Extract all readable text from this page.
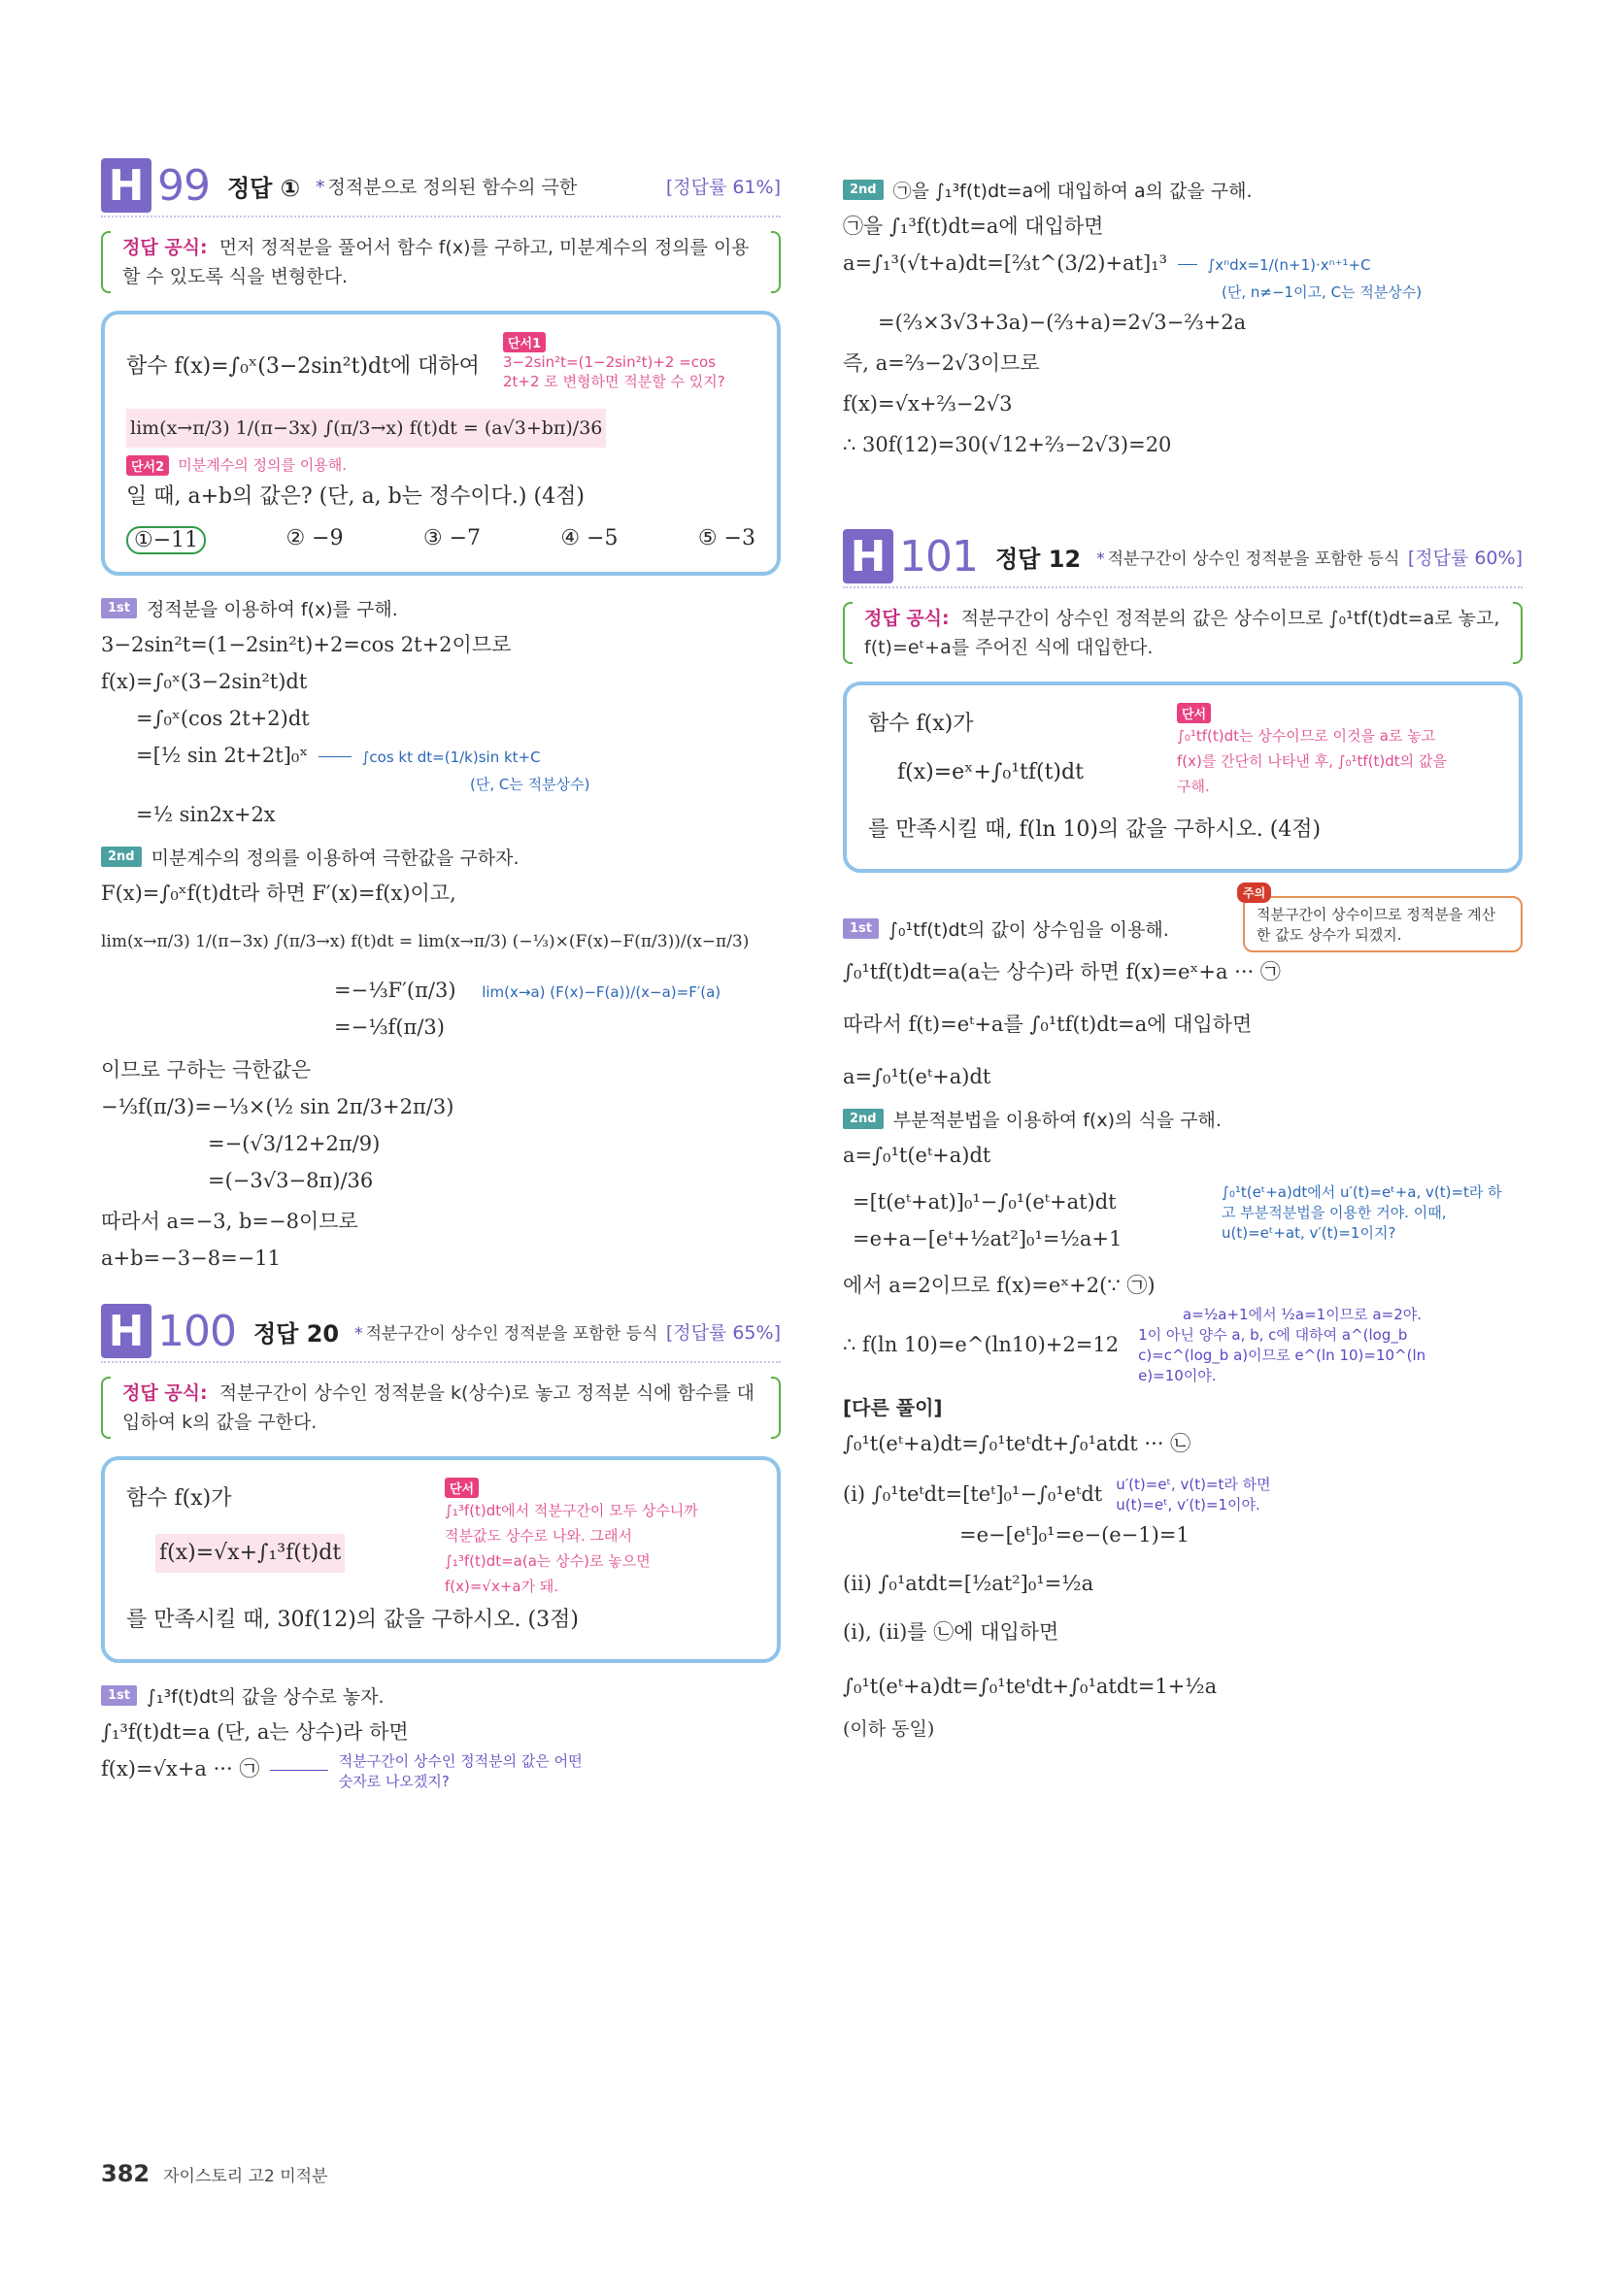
H 99 정답 ①	* 정적분으로 정의된 함수의 극한	[정답률 61%]
정답 공식: 먼저 정적분을 풀어서 함수 f(x)를 구하고, 미분계수의 정의를 이용할 수 있도록 식을 변형한다.
함수 f(x)=∫₀ˣ(3−2sin²t)dt에 대하여
단서1 3−2sin²t=(1−2sin²t)+2 =cos 2t+2 로 변형하면 적분할 수 있지?
lim(x→π/3) 1/(π−3x) ∫(π/3→x) f(t)dt = (a√3+bπ)/36
단서2 미분계수의 정의를 이용해.
일 때, a+b의 값은? (단, a, b는 정수이다.) (4점)
①−11	② −9	③ −7	④ −5	⑤ −3
1st 정적분을 이용하여 f(x)를 구해.
3−2sin²t=(1−2sin²t)+2=cos 2t+2이므로
f(x)=∫₀ˣ(3−2sin²t)dt
=∫₀ˣ(cos 2t+2)dt
=[½ sin 2t+2t]₀ˣ	∫cos kt dt=(1/k)sin kt+C
(단, C는 적분상수)
=½ sin2x+2x
2nd 미분계수의 정의를 이용하여 극한값을 구하자.
F(x)=∫₀ˣf(t)dt라 하면 F′(x)=f(x)이고,
lim(x→π/3) 1/(π−3x) ∫(π/3→x) f(t)dt = lim(x→π/3) (−⅓)×(F(x)−F(π/3))/(x−π/3)
=−⅓F′(π/3) lim(x→a) (F(x)−F(a))/(x−a)=F′(a)
=−⅓f(π/3)
이므로 구하는 극한값은
−⅓f(π/3)=−⅓×(½ sin 2π/3+2π/3)
=−(√3/12+2π/9)
=(−3√3−8π)/36
따라서 a=−3, b=−8이므로
a+b=−3−8=−11
H 100 정답 20	* 적분구간이 상수인 정적분을 포함한 등식 [정답률 65%]
정답 공식: 적분구간이 상수인 정적분을 k(상수)로 놓고 정적분 식에 함수를 대입하여 k의 값을 구한다.
함수 f(x)가
f(x)=√x+∫₁³f(t)dt
단서 ∫₁³f(t)dt에서 적분구간이 모두 상수니까 적분값도 상수로 나와. 그래서 ∫₁³f(t)dt=a(a는 상수)로 놓으면 f(x)=√x+a가 돼.
를 만족시킬 때, 30f(12)의 값을 구하시오. (3점)
1st ∫₁³f(t)dt의 값을 상수로 놓자.
∫₁³f(t)dt=a (단, a는 상수)라 하면
f(x)=√x+a ··· ㉠	적분구간이 상수인 정적분의 값은 어떤 숫자로 나오겠지?
2nd ㉠을 ∫₁³f(t)dt=a에 대입하여 a의 값을 구해.
㉠을 ∫₁³f(t)dt=a에 대입하면
a=∫₁³(√t+a)dt=[⅔t^(3/2)+at]₁³	∫xⁿdx=1/(n+1)·xⁿ⁺¹+C
(단, n≠−1이고, C는 적분상수)
=(⅔×3√3+3a)−(⅔+a)=2√3−⅔+2a
즉, a=⅔−2√3이므로
f(x)=√x+⅔−2√3
∴ 30f(12)=30(√12+⅔−2√3)=20
H 101 정답 12	* 적분구간이 상수인 정적분을 포함한 등식 [정답률 60%]
정답 공식: 적분구간이 상수인 정적분의 값은 상수이므로 ∫₀¹tf(t)dt=a로 놓고, f(t)=eᵗ+a를 주어진 식에 대입한다.
함수 f(x)가
f(x)=eˣ+∫₀¹tf(t)dt
단서 ∫₀¹tf(t)dt는 상수이므로 이것을 a로 놓고 f(x)를 간단히 나타낸 후, ∫₀¹tf(t)dt의 값을 구해.
를 만족시킬 때, f(ln 10)의 값을 구하시오. (4점)
1st ∫₀¹tf(t)dt의 값이 상수임을 이용해.
주의
적분구간이 상수이므로 정적분을 계산한 값도 상수가 되겠지.
∫₀¹tf(t)dt=a(a는 상수)라 하면 f(x)=eˣ+a ··· ㉠
따라서 f(t)=eᵗ+a를 ∫₀¹tf(t)dt=a에 대입하면
a=∫₀¹t(eᵗ+a)dt
2nd 부분적분법을 이용하여 f(x)의 식을 구해.
a=∫₀¹t(eᵗ+a)dt
=[t(eᵗ+at)]₀¹−∫₀¹(eᵗ+at)dt
=e+a−[eᵗ+½at²]₀¹=½a+1
∫₀¹t(eᵗ+a)dt에서 u′(t)=eᵗ+a, v(t)=t라 하고 부분적분법을 이용한 거야. 이때, u(t)=eᵗ+at, v′(t)=1이지?
에서 a=2이므로 f(x)=eˣ+2(∵ ㉠)
a=½a+1에서 ½a=1이므로 a=2야.
∴ f(ln 10)=e^(ln10)+2=12 1이 아닌 양수 a, b, c에 대하여 a^(log_b c)=c^(log_b a)이므로 e^(ln 10)=10^(ln e)=10이야.
[다른 풀이]
∫₀¹t(eᵗ+a)dt=∫₀¹teᵗdt+∫₀¹atdt ··· ㉡
(ⅰ) ∫₀¹teᵗdt=[teᵗ]₀¹−∫₀¹eᵗdt u′(t)=eᵗ, v(t)=t라 하면
u(t)=eᵗ, v′(t)=1이야.
=e−[eᵗ]₀¹=e−(e−1)=1
(ⅱ) ∫₀¹atdt=[½at²]₀¹=½a
(ⅰ), (ⅱ)를 ㉡에 대입하면
∫₀¹t(eᵗ+a)dt=∫₀¹teᵗdt+∫₀¹atdt=1+½a
(이하 동일)
382 자이스토리 고2 미적분
